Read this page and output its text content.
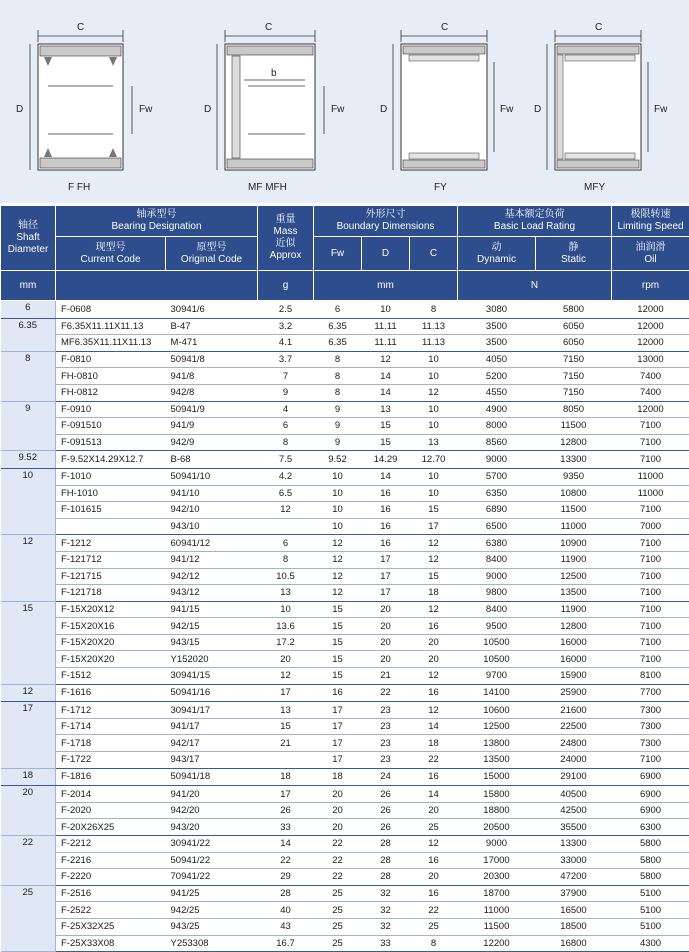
C
D	Fw
F FH
C
b
D	Fw
MF MFH
C
D	Fw
FY
C
D	Fw
MFY
轴径
Shaft
Diameter	轴承型号
Bearing Designation		重量
Mass
近似
Approx	外形尺寸
Boundary Dimensions			基本额定负荷
Basic Load Rating		极限转速
Limiting Speed

	现型号
Current Code	原型号
Original Code		Fw	D	C	动
Dynamic	静
Static	油润滑
Oil

mm			g	mm			N		rpm
6	F-0608	30941/6	2.5	6	10	8	3080	5800	12000
6.35	F6.35X11.11X11.13	B-47	3.2	6.35	11.11	11.13	3500	6050	12000
	MF6.35X11.11X11.13	M-471	4.1	6.35	11.11	11.13	3500	6050	12000
8	F-0810	50941/8	3.7	8	12	10	4050	7150	13000
	FH-0810	941/8	7	8	14	10	5200	7150	7400
	FH-0812	942/8	9	8	14	12	4550	7150	7400
9	F-0910	50941/9	4	9	13	10	4900	8050	12000
	F-091510	941/9	6	9	15	10	8000	11500	7100
	F-091513	942/9	8	9	15	13	8560	12800	7100
9.52	F-9.52X14.29X12.7	B-68	7.5	9.52	14.29	12.70	9000	13300	7100
10	F-1010	50941/10	4.2	10	14	10	5700	9350	11000
	FH-1010	941/10	6.5	10	16	10	6350	10800	11000
	F-101615	942/10	12	10	16	15	6890	11500	7100
		943/10		10	16	17	6500	11000	7000
12	F-1212	60941/12	6	12	16	12	6380	10900	7100
	F-121712	941/12	8	12	17	12	8400	11900	7100
	F-121715	942/12	10.5	12	17	15	9000	12500	7100
	F-121718	943/12	13	12	17	18	9800	13500	7100
15	F-15X20X12	941/15	10	15	20	12	8400	11900	7100
	F-15X20X16	942/15	13.6	15	20	16	9500	12800	7100
	F-15X20X20	943/15	17.2	15	20	20	10500	16000	7100
	F-15X20X20	Y152020	20	15	20	20	10500	16000	7100
	F-1512	30941/15	12	15	21	12	9700	15900	8100
12	F-1616	50941/16	17	16	22	16	14100	25900	7700
17	F-1712	30941/17	13	17	23	12	10600	21600	7300
	F-1714	941/17	15	17	23	14	12500	22500	7300
	F-1718	942/17	21	17	23	18	13800	24800	7300
	F-1722	943/17		17	23	22	13500	24000	7100
18	F-1816	50941/18	18	18	24	16	15000	29100	6900
20	F-2014	941/20	17	20	26	14	15800	40500	6900
	F-2020	942/20	26	20	26	20	18800	42500	6900
	F-20X26X25	943/20	33	20	26	25	20500	35500	6300
22	F-2212	30941/22	14	22	28	12	9000	13300	5800
	F-2216	50941/22	22	22	28	16	17000	33000	5800
	F-2220	70941/22	29	22	28	20	20300	47200	5800
25	F-2516	941/25	28	25	32	16	18700	37900	5100
	F-2522	942/25	40	25	32	22	11000	16500	5100
	F-25X32X25	943/25	43	25	32	25	11500	18500	5100
	F-25X33X08	Y253308	16.7	25	33	8	12200	16800	4300
